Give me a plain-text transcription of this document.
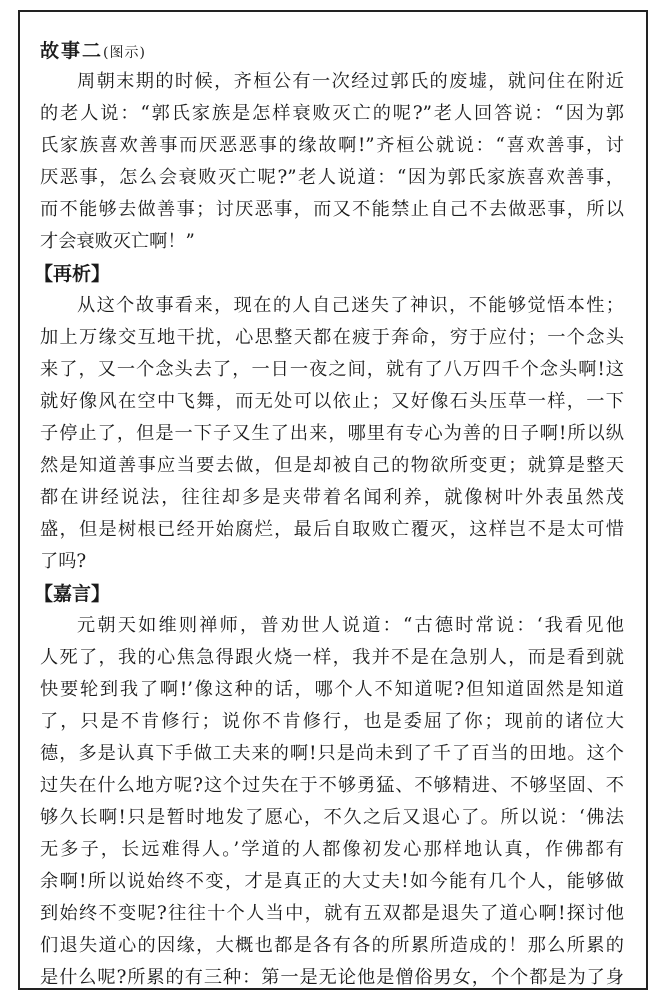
故事二(图示)
周朝末期的时候，齐桓公有一次经过郭氏的废墟，就问住在附近
的老人说：“郭氏家族是怎样衰败灭亡的呢?”老人回答说：“因为郭
氏家族喜欢善事而厌恶恶事的缘故啊!”齐桓公就说：“喜欢善事，讨
厌恶事，怎么会衰败灭亡呢?”老人说道：“因为郭氏家族喜欢善事，
而不能够去做善事；讨厌恶事，而又不能禁止自己不去做恶事，所以
才会衰败灭亡啊！”
【再析】
从这个故事看来，现在的人自己迷失了神识，不能够觉悟本性；
加上万缘交互地干扰，心思整天都在疲于奔命，穷于应付；一个念头
来了，又一个念头去了，一日一夜之间，就有了八万四千个念头啊!这
就好像风在空中飞舞，而无处可以依止；又好像石头压草一样，一下
子停止了，但是一下子又生了出来，哪里有专心为善的日子啊!所以纵
然是知道善事应当要去做，但是却被自己的物欲所变更；就算是整天
都在讲经说法，往往却多是夹带着名闻利养，就像树叶外表虽然茂
盛，但是树根已经开始腐烂，最后自取败亡覆灭，这样岂不是太可惜
了吗?
【嘉言】
元朝天如维则禅师，普劝世人说道：“古德时常说：‘我看见他
人死了，我的心焦急得跟火烧一样，我并不是在急别人，而是看到就
快要轮到我了啊!’像这种的话，哪个人不知道呢?但知道固然是知道
了，只是不肯修行；说你不肯修行，也是委屈了你；现前的诸位大
德，多是认真下手做工夫来的啊!只是尚未到了千了百当的田地。这个
过失在什么地方呢?这个过失在于不够勇猛、不够精进、不够坚固、不
够久长啊!只是暂时地发了愿心，不久之后又退心了。所以说：‘佛法
无多子，长远难得人。’学道的人都像初发心那样地认真，作佛都有
余啊!所以说始终不变，才是真正的大丈夫!如今能有几个人，能够做
到始终不变呢?往往十个人当中，就有五双都是退失了道心啊!探讨他
们退失道心的因缘，大概也都是各有各的所累所造成的！那么所累的
是什么呢?所累的有三种：第一是无论他是僧俗男女，个个都是为了身
